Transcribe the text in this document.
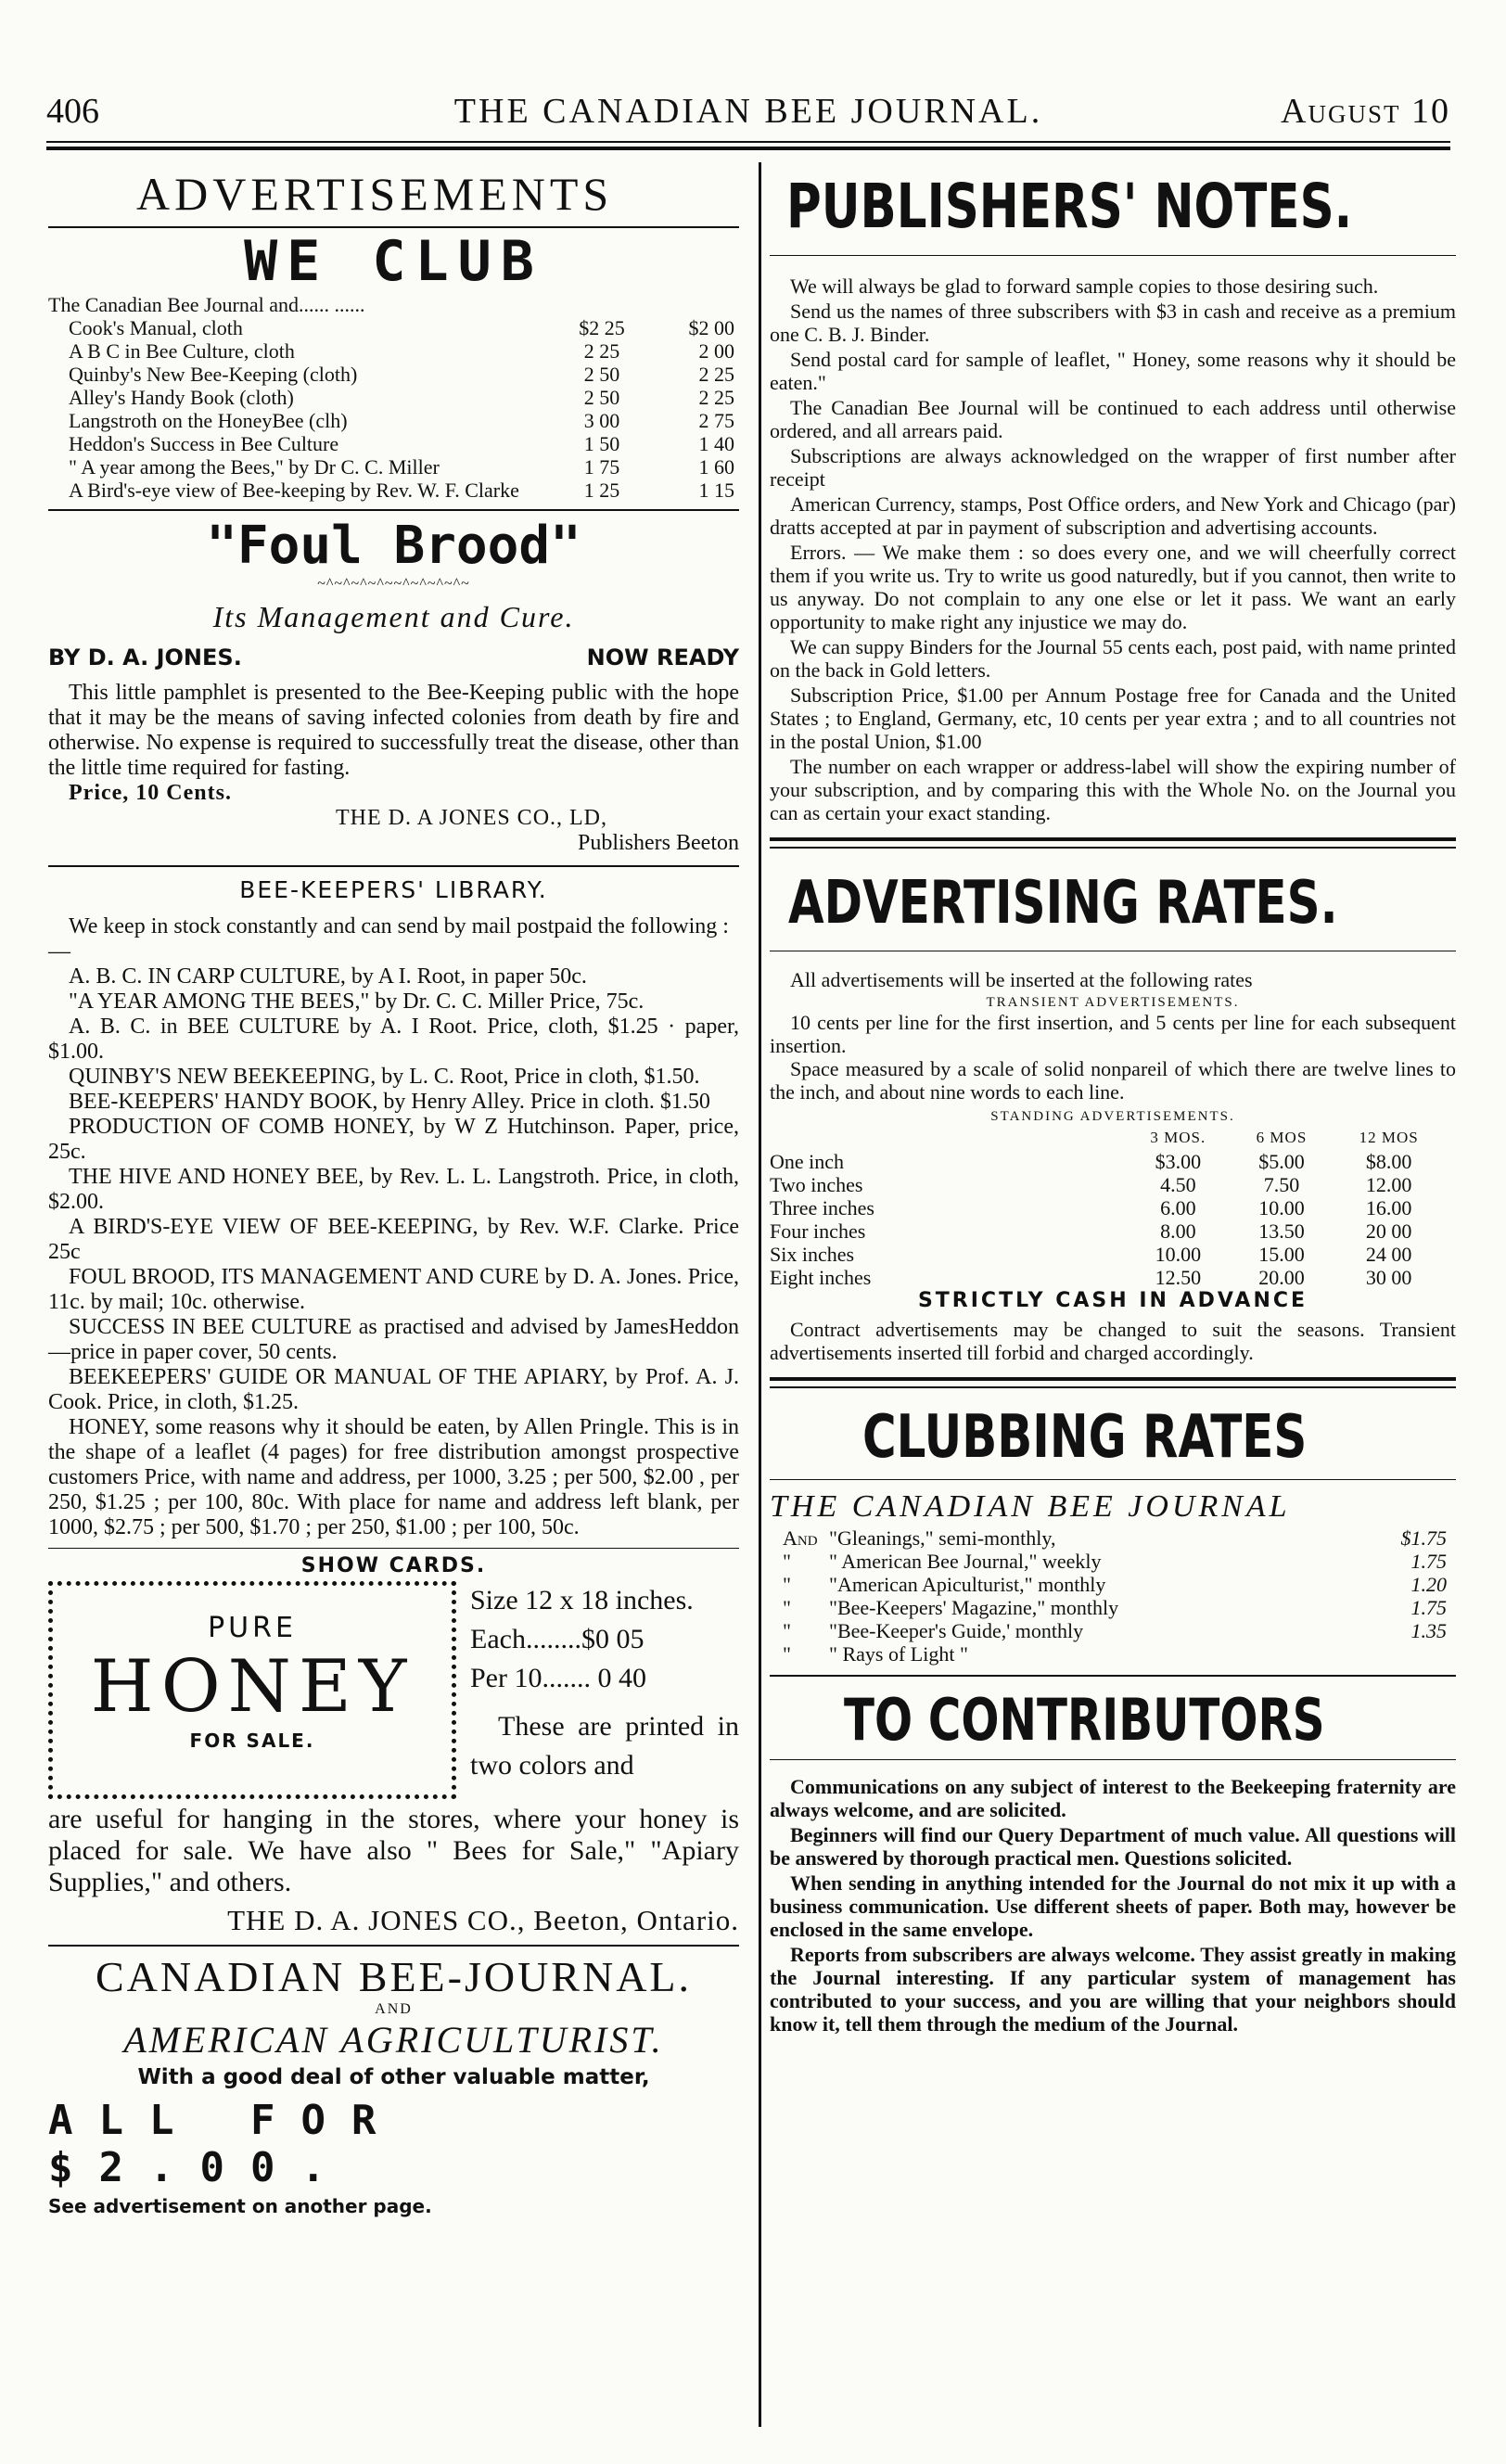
406	THE CANADIAN BEE JOURNAL.	August 10
ADVERTISEMENTS
WE CLUB
The Canadian Bee Journal and...... ......
Cook's Manual, cloth	$2 25	$2 00
A B C in Bee Culture, cloth	2 25	2 00
Quinby's New Bee-Keeping (cloth)	2 50	2 25
Alley's Handy Book (cloth)	2 50	2 25
Langstroth on the HoneyBee (clh)	3 00	2 75
Heddon's Success in Bee Culture	1 50	1 40
" A year among the Bees," by Dr C. C. Miller	1 75	1 60
A Bird's-eye view of Bee-keeping by Rev. W. F. Clarke	1 25	1 15
"Foul Brood"
~^~^~^~^~~^~^~^~^~
Its Management and Cure.
BY D. A. JONES.	NOW READY

This little pamphlet is presented to the Bee-Keeping public with the hope that it may be the means of saving infected colonies from death by fire and otherwise. No expense is required to successfully treat the disease, other than the little time required for fasting.

Price, 10 Cents.

THE D. A JONES CO., LD,

Publishers Beeton

BEE-KEEPERS' LIBRARY.

We keep in stock constantly and can send by mail postpaid the following :—

A. B. C. IN CARP CULTURE, by A I. Root, in paper 50c.

"A YEAR AMONG THE BEES," by Dr. C. C. Miller Price, 75c.

A. B. C. in BEE CULTURE by A. I Root. Price, cloth, $1.25 · paper, $1.00.

QUINBY'S NEW BEEKEEPING, by L. C. Root, Price in cloth, $1.50.

BEE-KEEPERS' HANDY BOOK, by Henry Alley. Price in cloth. $1.50

PRODUCTION OF COMB HONEY, by W Z Hutchinson. Paper, price, 25c.

THE HIVE AND HONEY BEE, by Rev. L. L. Langstroth. Price, in cloth, $2.00.

A BIRD'S-EYE VIEW OF BEE-KEEPING, by Rev. W.F. Clarke. Price 25c

FOUL BROOD, ITS MANAGEMENT AND CURE by D. A. Jones. Price, 11c. by mail; 10c. otherwise.

SUCCESS IN BEE CULTURE as practised and advised by JamesHeddon—price in paper cover, 50 cents.

BEEKEEPERS' GUIDE OR MANUAL OF THE APIARY, by Prof. A. J. Cook. Price, in cloth, $1.25.

HONEY, some reasons why it should be eaten, by Allen Pringle. This is in the shape of a leaflet (4 pages) for free distribution amongst prospective customers Price, with name and address, per 1000, 3.25 ; per 500, $2.00 , per 250, $1.25 ; per 100, 80c. With place for name and address left blank, per 1000, $2.75 ; per 500, $1.70 ; per 250, $1.00 ; per 100, 50c.

SHOW CARDS.
PURE
HONEY
FOR SALE.
Size 12 x 18 inches.
Each........$0 05
Per 10....... 0 40
These are printed in two colors and

are useful for hanging in the stores, where your honey is placed for sale. We have also " Bees for Sale," "Apiary Supplies," and others.

THE D. A. JONES CO., Beeton, Ontario.

CANADIAN BEE-JOURNAL.
AND
AMERICAN AGRICULTURIST.
With a good deal of other valuable matter,
ALL FOR $2.00.
See advertisement on another page.
PUBLISHERS' NOTES.

We will always be glad to forward sample copies to those desiring such.

Send us the names of three subscribers with $3 in cash and receive as a premium one C. B. J. Binder.

Send postal card for sample of leaflet, " Honey, some reasons why it should be eaten."

The Canadian Bee Journal will be continued to each address until otherwise ordered, and all arrears paid.

Subscriptions are always acknowledged on the wrapper of first number after receipt

American Currency, stamps, Post Office orders, and New York and Chicago (par) dratts accepted at par in payment of subscription and advertising accounts.

Errors. — We make them : so does every one, and we will cheerfully correct them if you write us. Try to write us good naturedly, but if you cannot, then write to us anyway. Do not complain to any one else or let it pass. We want an early opportunity to make right any injustice we may do.

We can suppy Binders for the Journal 55 cents each, post paid, with name printed on the back in Gold letters.

Subscription Price, $1.00 per Annum Postage free for Canada and the United States ; to England, Germany, etc, 10 cents per year extra ; and to all countries not in the postal Union, $1.00

The number on each wrapper or address-label will show the expiring number of your subscription, and by comparing this with the Whole No. on the Journal you can as certain your exact standing.

ADVERTISING RATES.

All advertisements will be inserted at the following rates

TRANSIENT ADVERTISEMENTS.

10 cents per line for the first insertion, and 5 cents per line for each subsequent insertion.

Space measured by a scale of solid nonpareil of which there are twelve lines to the inch, and about nine words to each line.

STANDING ADVERTISEMENTS.
	3 MOS.	6 MOS	12 MOS
One inch	$3.00	$5.00	$8.00
Two inches	4.50	7.50	12.00
Three inches	6.00	10.00	16.00
Four inches	8.00	13.50	20 00
Six inches	10.00	15.00	24 00
Eight inches	12.50	20.00	30 00
STRICTLY CASH IN ADVANCE

Contract advertisements may be changed to suit the seasons. Transient advertisements inserted till forbid and charged accordingly.

CLUBBING RATES
THE CANADIAN BEE JOURNAL
And	"Gleanings," semi-monthly,	$1.75
"	" American Bee Journal," weekly	1.75
"	"American Apiculturist," monthly	1.20
"	"Bee-Keepers' Magazine," monthly	1.75
"	"Bee-Keeper's Guide,' monthly	1.35
"	" Rays of Light "	
TO CONTRIBUTORS

Communications on any subject of interest to the Beekeeping fraternity are always welcome, and are solicited.

Beginners will find our Query Department of much value. All questions will be answered by thorough practical men. Questions solicited.

When sending in anything intended for the Journal do not mix it up with a business communication. Use different sheets of paper. Both may, however be enclosed in the same envelope.

Reports from subscribers are always welcome. They assist greatly in making the Journal interesting. If any particular system of management has contributed to your success, and you are willing that your neighbors should know it, tell them through the medium of the Journal.
